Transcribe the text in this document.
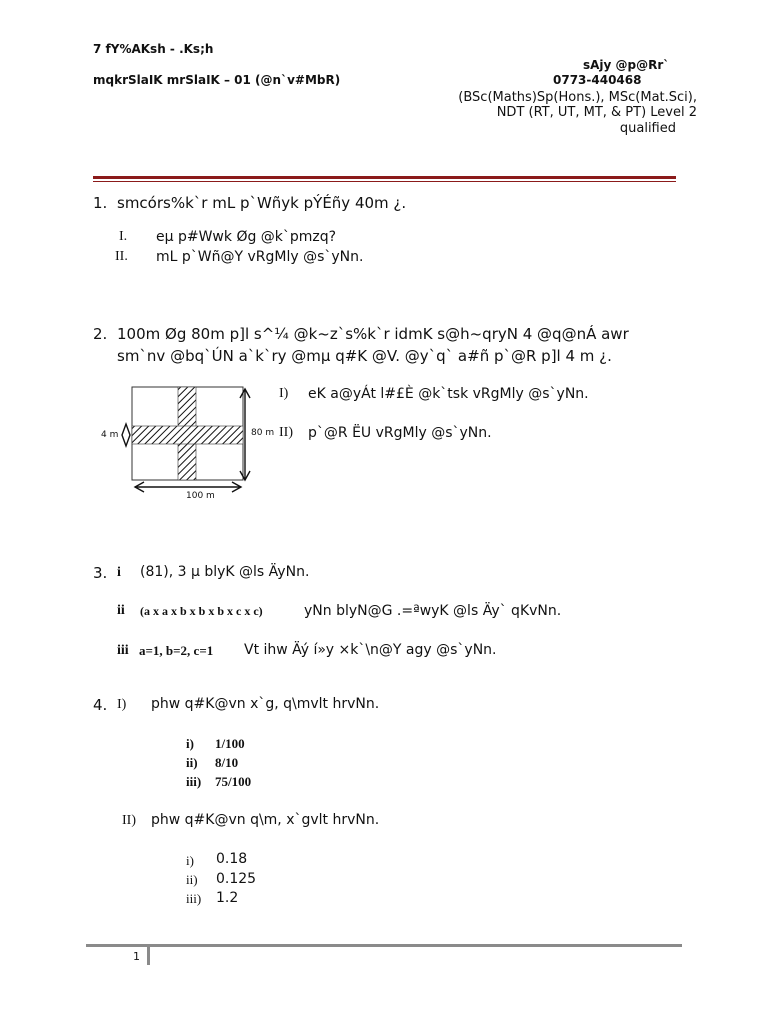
7 fY%AKsh - .Ks;h
sAjy @p@Rr`
mqkrSlaIK mrSlaIK – 01 (@n`v#MbR)	0773-440468
(BSc(Maths)Sp(Hons.), MSc(Mat.Sci),
NDT (RT, UT, MT, & PT) Level 2
qualified
1. smcórs%k`r mL p`Wñyk pÝÉñy 40m ¿.
I. eµ p#Wwk Øg @k`pmzq?
II. mL p`Wñ@Y vRgMly @s`yNn.
2. 100m Øg 80m p]l s^¼ @k~z`s%k`r idmK s@h~qryN 4 @q@nÁ awr
sm`nv @bq`ÚN a`k`ry @mµ q#K @V. @y`q` a#ñ p`@R p]l 4 m ¿.
4 m	80 m
100 m
I) eK a@yÁt l#£È @k`tsk vRgMly @s`yNn.
II) p`@R ËU vRgMly @s`yNn.
3. i (81), 3 µ blyK @ls ÄyNn.
ii (a x a x b x b x b x c x c)	yNn blyN@G .=ªwyK @ls Äy` qKvNn.
iii a=1, b=2, c=1 Vt ihw Äý í»y ×k`\n@Y agy @s`yNn.
4. I) phw q#K@vn x`g, q\mvlt hrvNn.
i) 1/100
ii) 8/10
iii) 75/100
II) phw q#K@vn q\m, x`gvlt hrvNn.
i) 0.18
ii) 0.125
iii) 1.2
1
